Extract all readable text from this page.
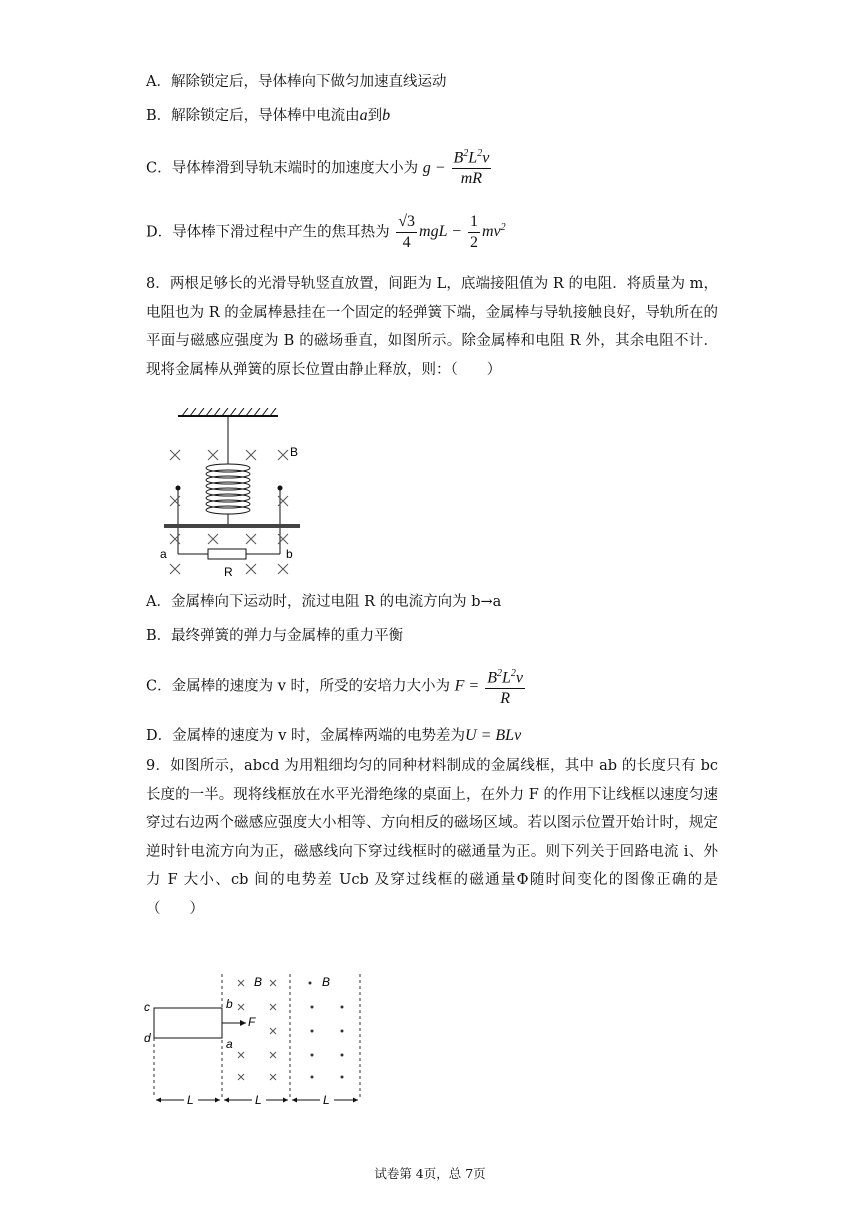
A．解除锁定后，导体棒向下做匀加速直线运动
B．解除锁定后，导体棒中电流由a到b
C．导体棒滑到导轨末端时的加速度大小为 $g - \frac{B^2L^2v}{mR}$
D．导体棒下滑过程中产生的焦耳热为 $\frac{√3}{4}$ mgL − $\frac{1}{2} mv^2$
8．两根足够长的光滑导轨竖直放置，间距为 L，底端接阻值为 R 的电阻．将质量为 m，电阻也为 R 的金属棒悬挂在一个固定的轻弹簧下端，金属棒与导轨接触良好，导轨所在的平面与磁感应强度为 B 的磁场垂直，如图所示。除金属棒和电阻 R 外，其余电阻不计．现将金属棒从弹簧的原长位置由静止释放，则：（　　）
B
a	b
R
A．金属棒向下运动时，流过电阻 R 的电流方向为 b→a
B．最终弹簧的弹力与金属棒的重力平衡
C．金属棒的速度为 v 时，所受的安培力大小为 $F = \frac{B^2L^2v}{R}$
D．金属棒的速度为 v 时，金属棒两端的电势差为U = BLv
9．如图所示，abcd 为用粗细均匀的同种材料制成的金属线框，其中 ab 的长度只有 bc 长度的一半。现将线框放在水平光滑绝缘的桌面上，在外力 F 的作用下让线框以速度匀速穿过右边两个磁感应强度大小相等、方向相反的磁场区域。若以图示位置开始计时，规定逆时针电流方向为正，磁感线向下穿过线框时的磁通量为正。则下列关于回路电流 i、外力 F 大小、cb 间的电势差 Ucb 及穿过线框的磁通量Φ随时间变化的图像正确的是（　　）
c
d
b
a
F
B	B
L	L	L
试卷第 4页，总 7页
